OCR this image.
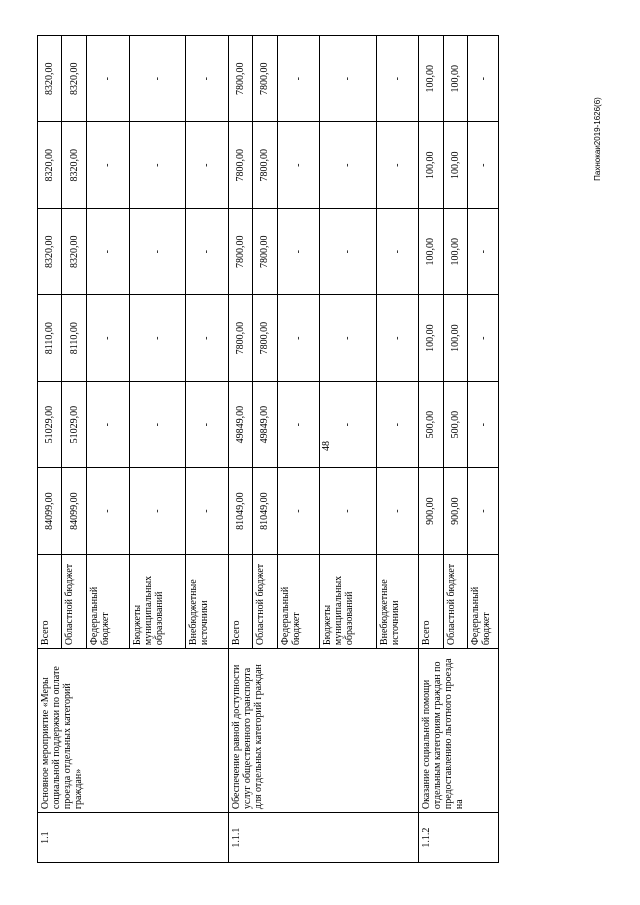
48
Пахнокаи2019-1626(6)
1.1	Основное мероприятие «Меры социальной поддержки по оплате проезда отдельных категорий граждан»	Всего	84099,00	51029,00	8110,00	8320,00	8320,00	8320,00
		Областной бюджет	84099,00	51029,00	8110,00	8320,00	8320,00	8320,00
		Федеральный бюджет	-	-	-	-	-	-
		Бюджеты муниципальных образований	-	-	-	-	-	-
		Внебюджетные источники	-	-	-	-	-	-
1.1.1	Обеспечение равной доступности услуг общественного транспорта для отдельных категорий граждан	Всего	81049,00	49849,00	7800,00	7800,00	7800,00	7800,00
		Областной бюджет	81049,00	49849,00	7800,00	7800,00	7800,00	7800,00
		Федеральный бюджет	-	-	-	-	-	-
		Бюджеты муниципальных образований	-	-	-	-	-	-
		Внебюджетные источники	-	-	-	-	-	-
1.1.2	Оказание социальной помощи отдельным категориям граждан по предоставлению льготного проезда на	Всего	900,00	500,00	100,00	100,00	100,00	100,00
		Областной бюджет	900,00	500,00	100,00	100,00	100,00	100,00
		Федеральный бюджет	-	-	-	-	-	-
